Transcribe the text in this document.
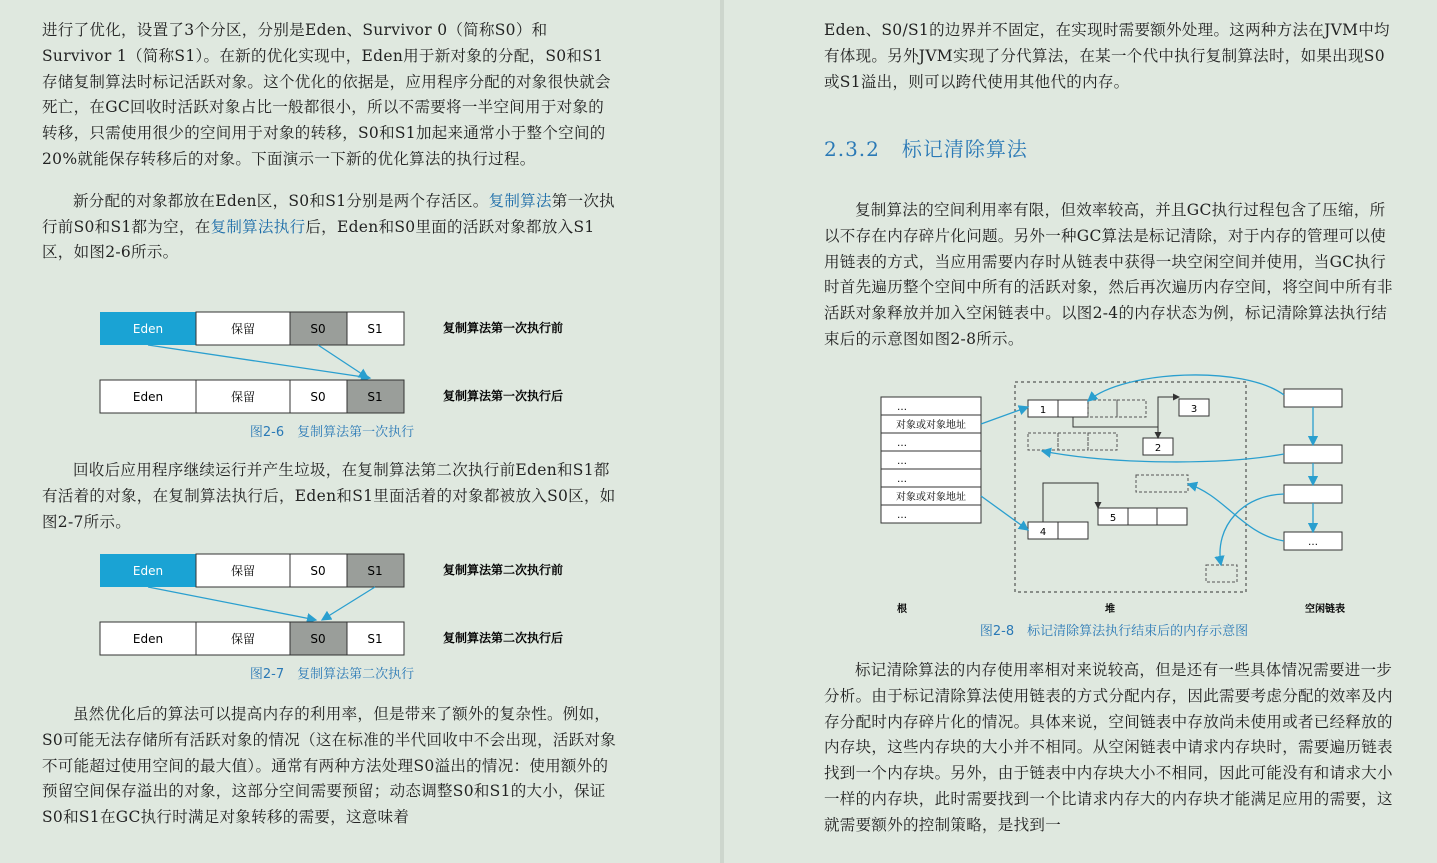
进行了优化，设置了3个分区，分别是Eden、Survivor 0（简称S0）和Survivor 1（简称S1）。在新的优化实现中，Eden用于新对象的分配，S0和S1存储复制算法时标记活跃对象。这个优化的依据是，应用程序分配的对象很快就会死亡，在GC回收时活跃对象占比一般都很小，所以不需要将一半空间用于对象的转移，只需使用很少的空间用于对象的转移，S0和S1加起来通常小于整个空间的20%就能保存转移后的对象。下面演示一下新的优化算法的执行过程。

新分配的对象都放在Eden区，S0和S1分别是两个存活区。复制算法第一次执行前S0和S1都为空，在复制算法执行后，Eden和S0里面的活跃对象都放入S1区，如图2-6所示。

Eden	保留	S0	S1	复制算法第一次执行前
Eden	保留	S0	S1	复制算法第一次执行后
图2-6　复制算法第一次执行

回收后应用程序继续运行并产生垃圾，在复制算法第二次执行前Eden和S1都有活着的对象，在复制算法执行后，Eden和S1里面活着的对象都被放入S0区，如图2-7所示。

Eden	保留	S0	S1	复制算法第二次执行前
Eden	保留	S0	S1	复制算法第二次执行后
图2-7　复制算法第二次执行

虽然优化后的算法可以提高内存的利用率，但是带来了额外的复杂性。例如，S0可能无法存储所有活跃对象的情况（这在标准的半代回收中不会出现，活跃对象不可能超过使用空间的最大值）。通常有两种方法处理S0溢出的情况：使用额外的预留空间保存溢出的对象，这部分空间需要预留；动态调整S0和S1的大小，保证S0和S1在GC执行时满足对象转移的需要，这意味着

Eden、S0/S1的边界并不固定，在实现时需要额外处理。这两种方法在JVM中均有体现。另外JVM实现了分代算法，在某一个代中执行复制算法时，如果出现S0或S1溢出，则可以跨代使用其他代的内存。

2.3.2 标记清除算法

复制算法的空间利用率有限，但效率较高，并且GC执行过程包含了压缩，所以不存在内存碎片化问题。另外一种GC算法是标记清除，对于内存的管理可以使用链表的方式，当应用需要内存时从链表中获得一块空闲空间并使用，当GC执行时首先遍历整个空间中所有的活跃对象，然后再次遍历内存空间，将空间中所有非活跃对象释放并加入空闲链表中。以图2-4的内存状态为例，标记清除算法执行结束后的示意图如图2-8所示。

…
对象或对象地址
…
…
…
对象或对象地址
…
1
2
3
5
4
…
根	堆	空闲链表
图2-8　标记清除算法执行结束后的内存示意图

标记清除算法的内存使用率相对来说较高，但是还有一些具体情况需要进一步分析。由于标记清除算法使用链表的方式分配内存，因此需要考虑分配的效率及内存分配时内存碎片化的情况。具体来说，空间链表中存放尚未使用或者已经释放的内存块，这些内存块的大小并不相同。从空闲链表中请求内存块时，需要遍历链表找到一个内存块。另外，由于链表中内存块大小不相同，因此可能没有和请求大小一样的内存块，此时需要找到一个比请求内存大的内存块才能满足应用的需要，这就需要额外的控制策略，是找到一
